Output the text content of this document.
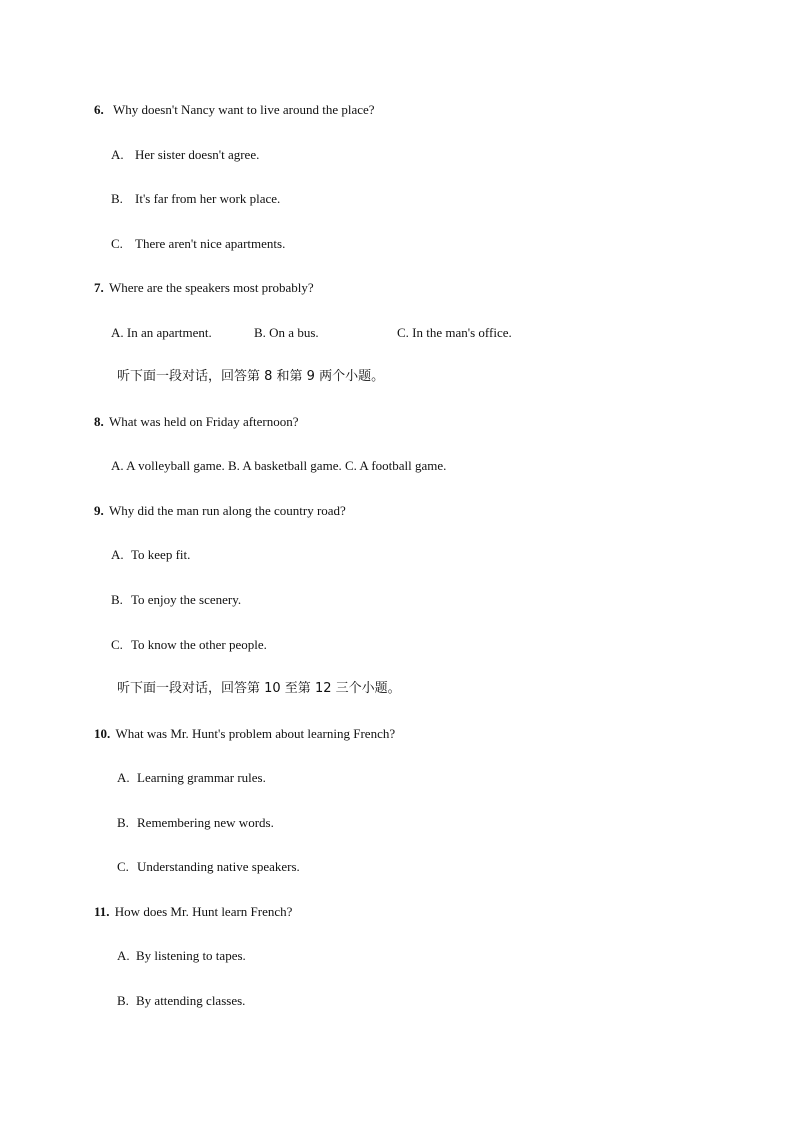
6. Why doesn't Nancy want to live around the place?
A. Her sister doesn't agree.
B. It's far from her work place.
C. There aren't nice apartments.
7. Where are the speakers most probably?
A. In an apartment.	B. On a bus.	C. In the man's office.
听下面一段对话，回答第 8 和第 9 两个小题。
8. What was held on Friday afternoon?
A. A volleyball game. B. A basketball game. C. A football game.
9. Why did the man run along the country road?
A. To keep fit.
B. To enjoy the scenery.
C. To know the other people.
听下面一段对话，回答第 10 至第 12 三个小题。
10. What was Mr. Hunt's problem about learning French?
A. Learning grammar rules.
B. Remembering new words.
C. Understanding native speakers.
11. How does Mr. Hunt learn French?
A. By listening to tapes.
B. By attending classes.
